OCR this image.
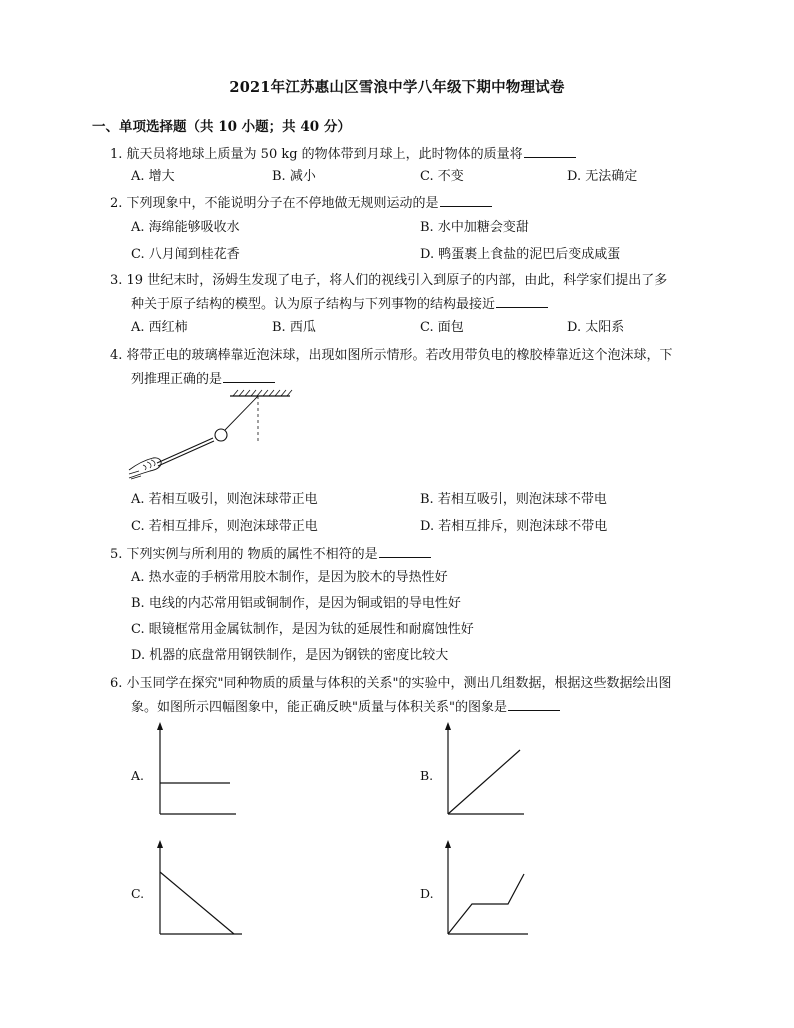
2021年江苏惠山区雪浪中学八年级下期中物理试卷
一、单项选择题（共 10 小题；共 40 分）
1. 航天员将地球上质量为 50 kg 的物体带到月球上，此时物体的质量将
A. 增大	B. 减小	C. 不变	D. 无法确定
2. 下列现象中，不能说明分子在不停地做无规则运动的是
A. 海绵能够吸收水	B. 水中加糖会变甜
C. 八月闻到桂花香	D. 鸭蛋裹上食盐的泥巴后变成咸蛋
3. 19 世纪末时，汤姆生发现了电子，将人们的视线引入到原子的内部，由此，科学家们提出了多
种关于原子结构的模型。认为原子结构与下列事物的结构最接近
A. 西红柿	B. 西瓜	C. 面包	D. 太阳系
4. 将带正电的玻璃棒靠近泡沫球，出现如图所示情形。若改用带负电的橡胶棒靠近这个泡沫球，下
列推理正确的是
A. 若相互吸引，则泡沫球带正电	B. 若相互吸引，则泡沫球不带电
C. 若相互排斥，则泡沫球带正电	D. 若相互排斥，则泡沫球不带电
5. 下列实例与所利用的 物质的属性不相符的是
A. 热水壶的手柄常用胶木制作，是因为胶木的导热性好
B. 电线的内芯常用铝或铜制作，是因为铜或铝的导电性好
C. 眼镜框常用金属钛制作，是因为钛的延展性和耐腐蚀性好
D. 机器的底盘常用钢铁制作，是因为钢铁的密度比较大
6. 小玉同学在探究"同种物质的质量与体积的关系"的实验中，测出几组数据，根据这些数据绘出图
象。如图所示四幅图象中，能正确反映"质量与体积关系"的图象是
A.	B.
C.	D.
